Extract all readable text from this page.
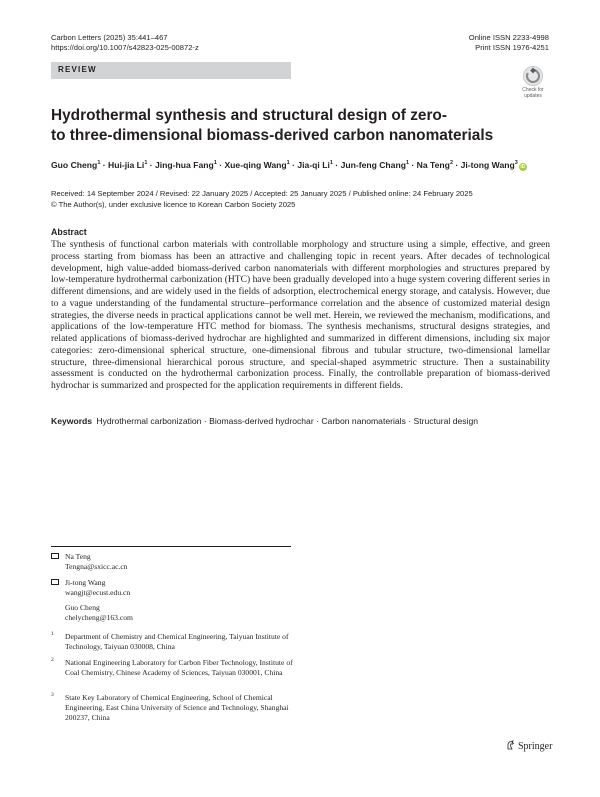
Carbon Letters (2025) 35:441–467
https://doi.org/10.1007/s42823-025-00872-z
Online ISSN 2233-4998
Print ISSN 1976-4251
REVIEW
Check for
updates
Hydrothermal synthesis and structural design of zero-
to three-dimensional biomass-derived carbon nanomaterials
Guo Cheng$^1$ · Hui-jia $Li^1$ · Jing-hua Fang$^1$ · Xue-qing Wang$^1$ · Jia-qi $Li^1$ · Jun-feng Chang$^1$ · Na Teng$^2$ · Ji-tong Wang$^3$iD
Received: 14 September 2024 / Revised: 22 January 2025 / Accepted: 25 January 2025 / Published online: 24 February 2025
© The Author(s), under exclusive licence to Korean Carbon Society 2025
Abstract
The synthesis of functional carbon materials with controllable morphology and structure using a simple, effective, and green process starting from biomass has been an attractive and challenging topic in recent years. After decades of technological development, high value-added biomass-derived carbon nanomaterials with different morphologies and structures prepared by low-temperature hydrothermal carbonization (HTC) have been gradually developed into a huge system covering different series in different dimensions, and are widely used in the fields of adsorption, electrochemical energy storage, and catalysis. However, due to a vague understanding of the fundamental structure–performance correlation and the absence of customized material design strategies, the diverse needs in practical applications cannot be well met. Herein, we reviewed the mechanism, modifications, and applications of the low-temperature HTC method for biomass. The synthesis mechanisms, structural designs strategies, and related applications of biomass-derived hydrochar are highlighted and summarized in different dimensions, including six major categories: zero-dimensional spherical structure, one-dimensional fibrous and tubular structure, two-dimensional lamellar structure, three-dimensional hierarchical porous structure, and special-shaped asymmetric structure. Then a sustainability assessment is conducted on the hydrothermal carbonization process. Finally, the controllable preparation of biomass-derived hydrochar is summarized and prospected for the application requirements in different fields.
Keywords Hydrothermal carbonization · Biomass-derived hydrochar · Carbon nanomaterials · Structural design
Na Teng
Tengna@sxicc.ac.cn
Ji-tong Wang
wangjt@ecust.edu.cn
Guo Cheng
chelycheng@163.com
1 Department of Chemistry and Chemical Engineering, Taiyuan Institute of Technology, Taiyuan 030008, China
2 National Engineering Laboratory for Carbon Fiber Technology, Institute of Coal Chemistry, Chinese Academy of Sciences, Taiyuan 030001, China
3 State Key Laboratory of Chemical Engineering, School of Chemical Engineering, East China University of Science and Technology, Shanghai 200237, China
Springer
